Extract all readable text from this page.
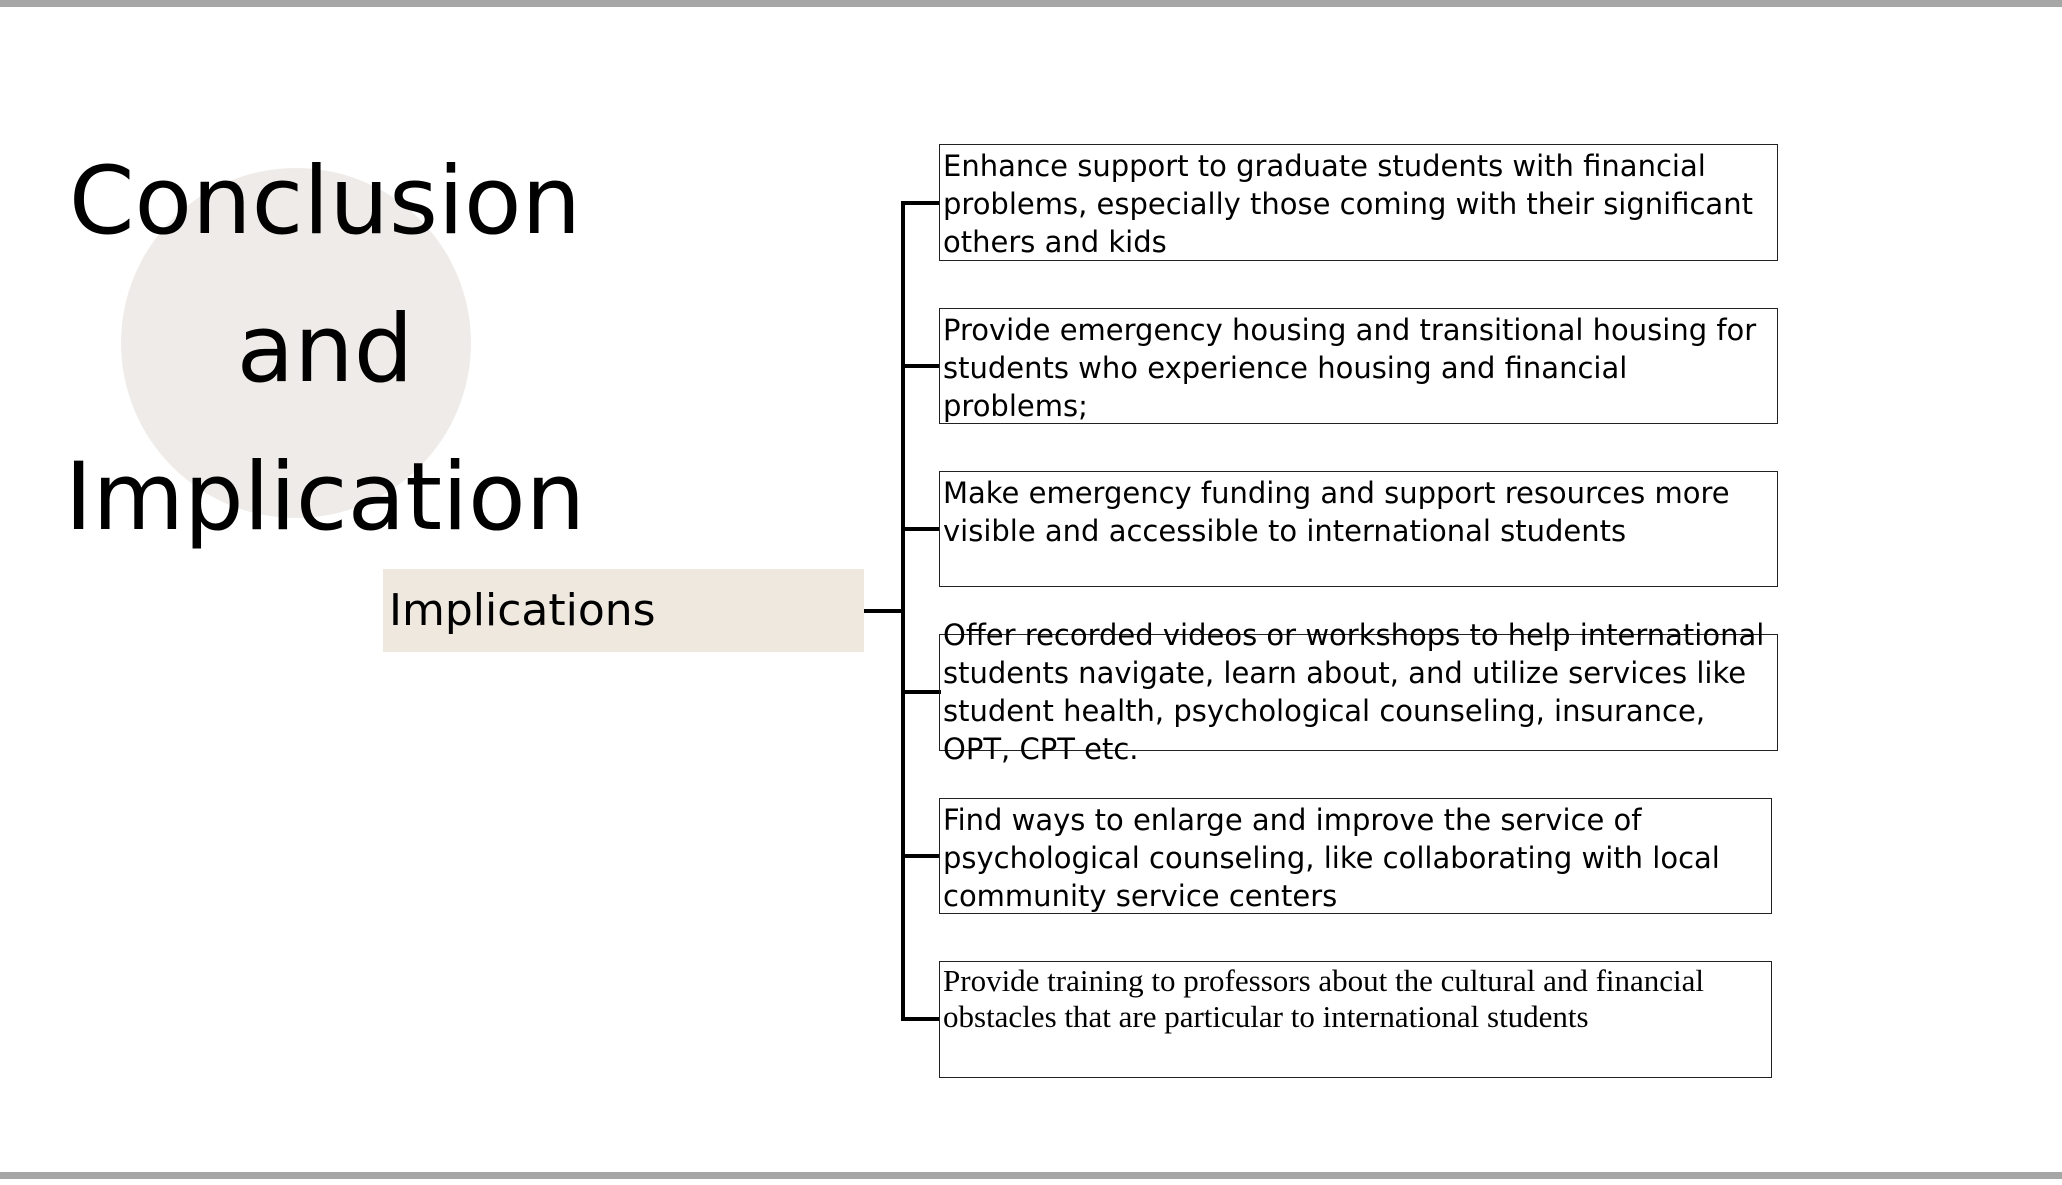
Conclusion
and
Implication
Implications
Enhance support to graduate students with financial problems, especially those coming with their significant others and kids
Provide emergency housing and transitional housing for students who experience housing and financial problems;
Make emergency funding and support resources more visible and accessible to international students
Offer recorded videos or workshops to help international students navigate, learn about, and utilize services like student health, psychological counseling, insurance, OPT, CPT etc.
Find ways to enlarge and improve the service of psychological counseling, like collaborating with local community service centers
Provide training to professors about the cultural and financial obstacles that are particular to international students
